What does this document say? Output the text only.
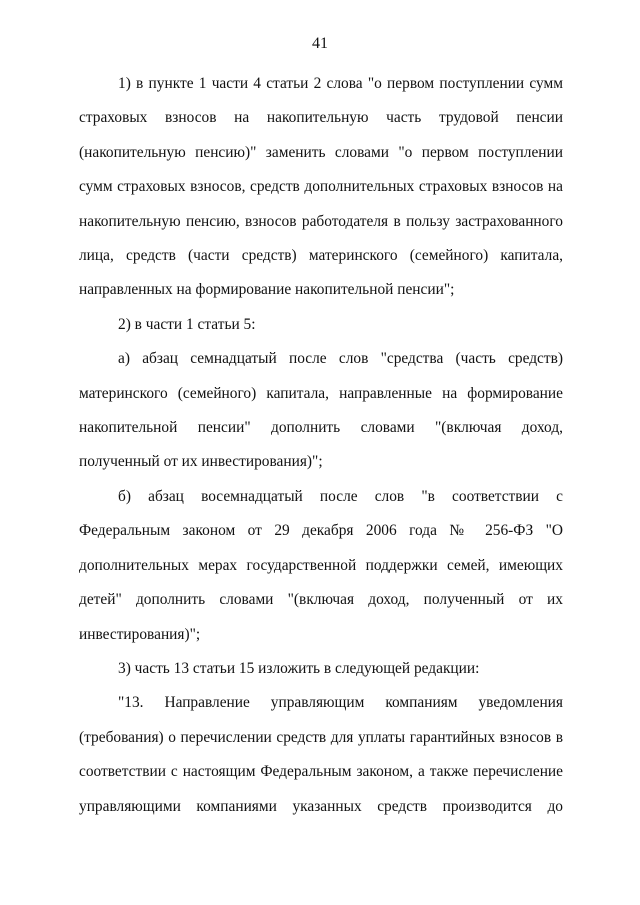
41

1) в пункте 1 части 4 статьи 2 слова "о первом поступлении сумм страховых взносов на накопительную часть трудовой пенсии (накопительную пенсию)" заменить словами "о первом поступлении сумм страховых взносов, средств дополнительных страховых взносов на накопительную пенсию, взносов работодателя в пользу застрахованного лица, средств (части средств) материнского (семейного) капитала, направленных на формирование накопительной пенсии";

2) в части 1 статьи 5:

а) абзац семнадцатый после слов "средства (часть средств) материнского (семейного) капитала, направленные на формирование накопительной пенсии" дополнить словами "(включая доход, полученный от их инвестирования)";

б) абзац восемнадцатый после слов "в соответствии с Федеральным законом от 29 декабря 2006 года № 256-ФЗ "О дополнительных мерах государственной поддержки семей, имеющих детей" дополнить словами "(включая доход, полученный от их инвестирования)";

3) часть 13 статьи 15 изложить в следующей редакции:

"13. Направление управляющим компаниям уведомления (требования) о перечислении средств для уплаты гарантийных взносов в соответствии с настоящим Федеральным законом, а также перечисление управляющими компаниями указанных средств производится до
